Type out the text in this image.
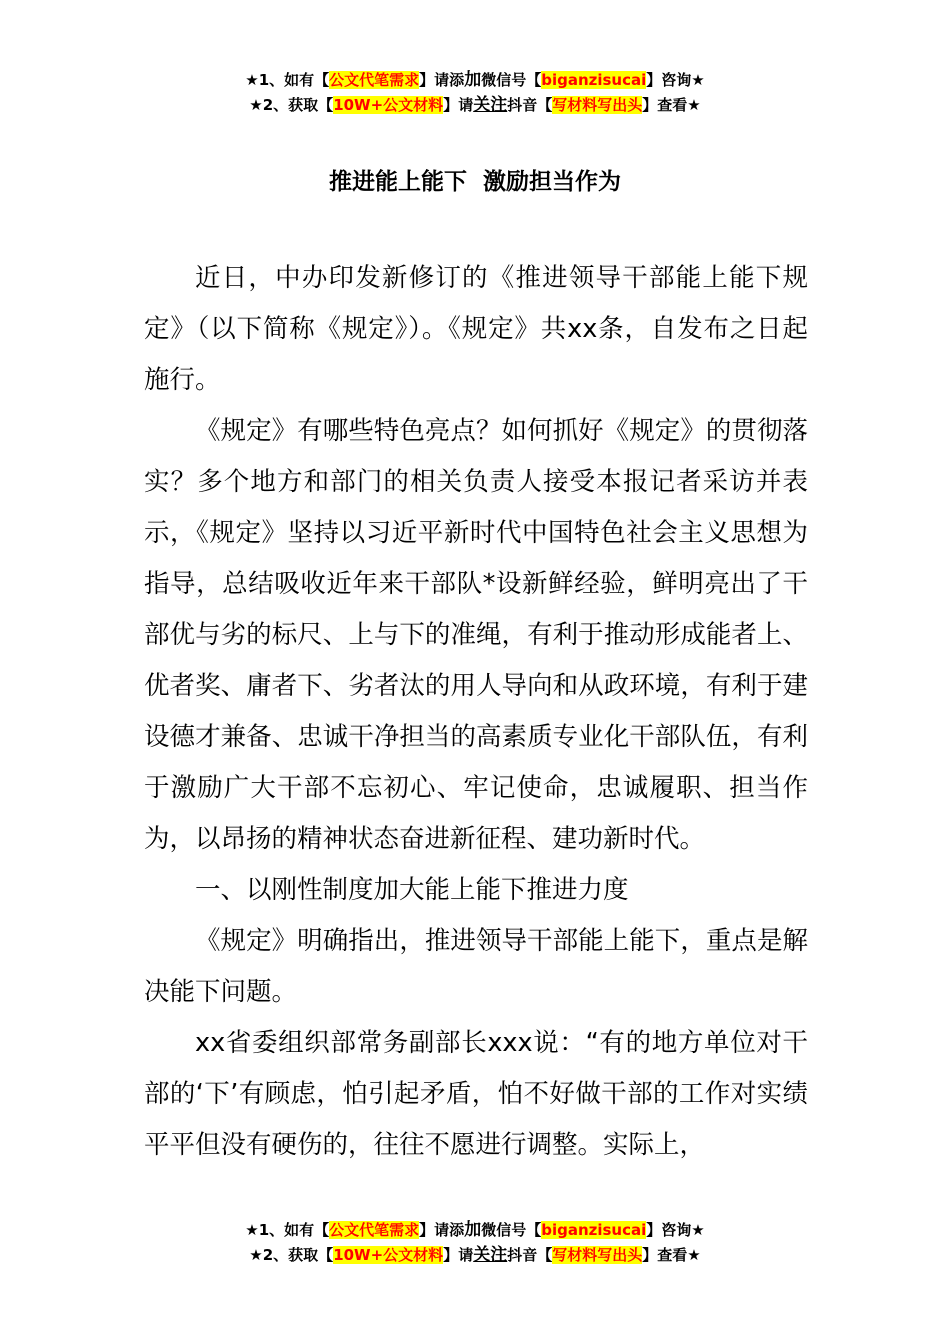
★1、如有【公文代笔需求】请添加微信号【biganzisucai】咨询★
★2、获取【10W+公文材料】请关注抖音【写材料写出头】查看★
推进能上能下  激励担当作为

近日，中办印发新修订的《推进领导干部能上能下规定》（以下简称《规定》）。《规定》共xx条，自发布之日起施行。

《规定》有哪些特色亮点？如何抓好《规定》的贯彻落实？多个地方和部门的相关负责人接受本报记者采访并表示，《规定》坚持以习近平新时代中国特色社会主义思想为指导，总结吸收近年来干部队*设新鲜经验，鲜明亮出了干部优与劣的标尺、上与下的准绳，有利于推动形成能者上、优者奖、庸者下、劣者汰的用人导向和从政环境，有利于建设德才兼备、忠诚干净担当的高素质专业化干部队伍，有利于激励广大干部不忘初心、牢记使命，忠诚履职、担当作为，以昂扬的精神状态奋进新征程、建功新时代。

一、以刚性制度加大能上能下推进力度

《规定》明确指出，推进领导干部能上能下，重点是解决能下问题。

xx省委组织部常务副部长xxx说：“有的地方单位对干部的‘下’有顾虑，怕引起矛盾，怕不好做干部的工作对实绩平平但没有硬伤的，往往不愿进行调整。实际上，

★1、如有【公文代笔需求】请添加微信号【biganzisucai】咨询★
★2、获取【10W+公文材料】请关注抖音【写材料写出头】查看★
